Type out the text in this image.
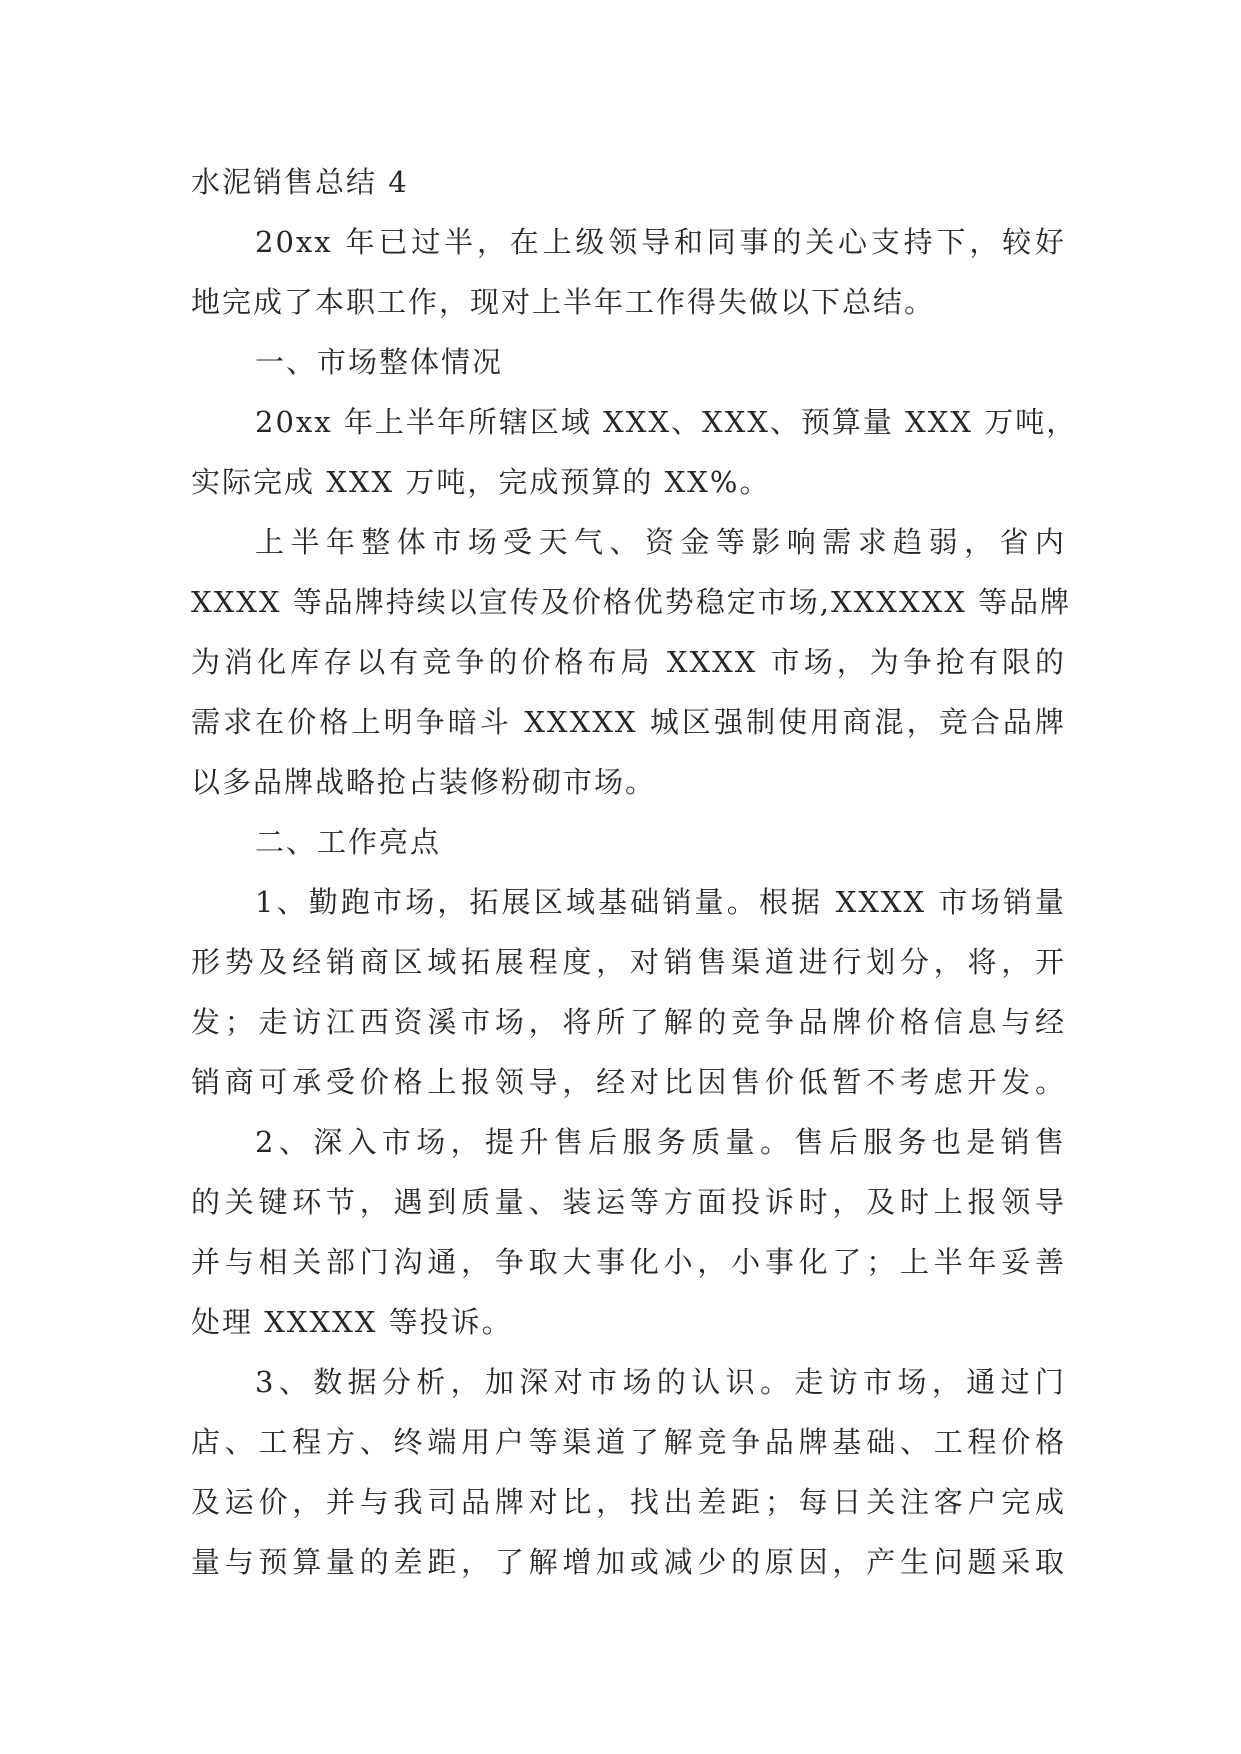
水泥销售总结 4
20xx 年已过半，在上级领导和同事的关心支持下，较好
地完成了本职工作，现对上半年工作得失做以下总结。
一、市场整体情况
20xx 年上半年所辖区域 XXX、XXX、预算量 XXX 万吨，
实际完成 XXX 万吨，完成预算的 XX%。
上半年整体市场受天气、资金等影响需求趋弱，省内
XXXX 等品牌持续以宣传及价格优势稳定市场,XXXXXX 等品牌
为消化库存以有竞争的价格布局 XXXX 市场，为争抢有限的
需求在价格上明争暗斗 XXXXX 城区强制使用商混，竞合品牌
以多品牌战略抢占装修粉砌市场。
二、工作亮点
1、勤跑市场，拓展区域基础销量。根据 XXXX 市场销量
形势及经销商区域拓展程度，对销售渠道进行划分，将，开
发；走访江西资溪市场，将所了解的竞争品牌价格信息与经
销商可承受价格上报领导，经对比因售价低暂不考虑开发。
2、深入市场，提升售后服务质量。售后服务也是销售
的关键环节，遇到质量、装运等方面投诉时，及时上报领导
并与相关部门沟通，争取大事化小，小事化了；上半年妥善
处理 XXXXX 等投诉。
3、数据分析，加深对市场的认识。走访市场，通过门
店、工程方、终端用户等渠道了解竞争品牌基础、工程价格
及运价，并与我司品牌对比，找出差距；每日关注客户完成
量与预算量的差距，了解增加或减少的原因，产生问题采取
